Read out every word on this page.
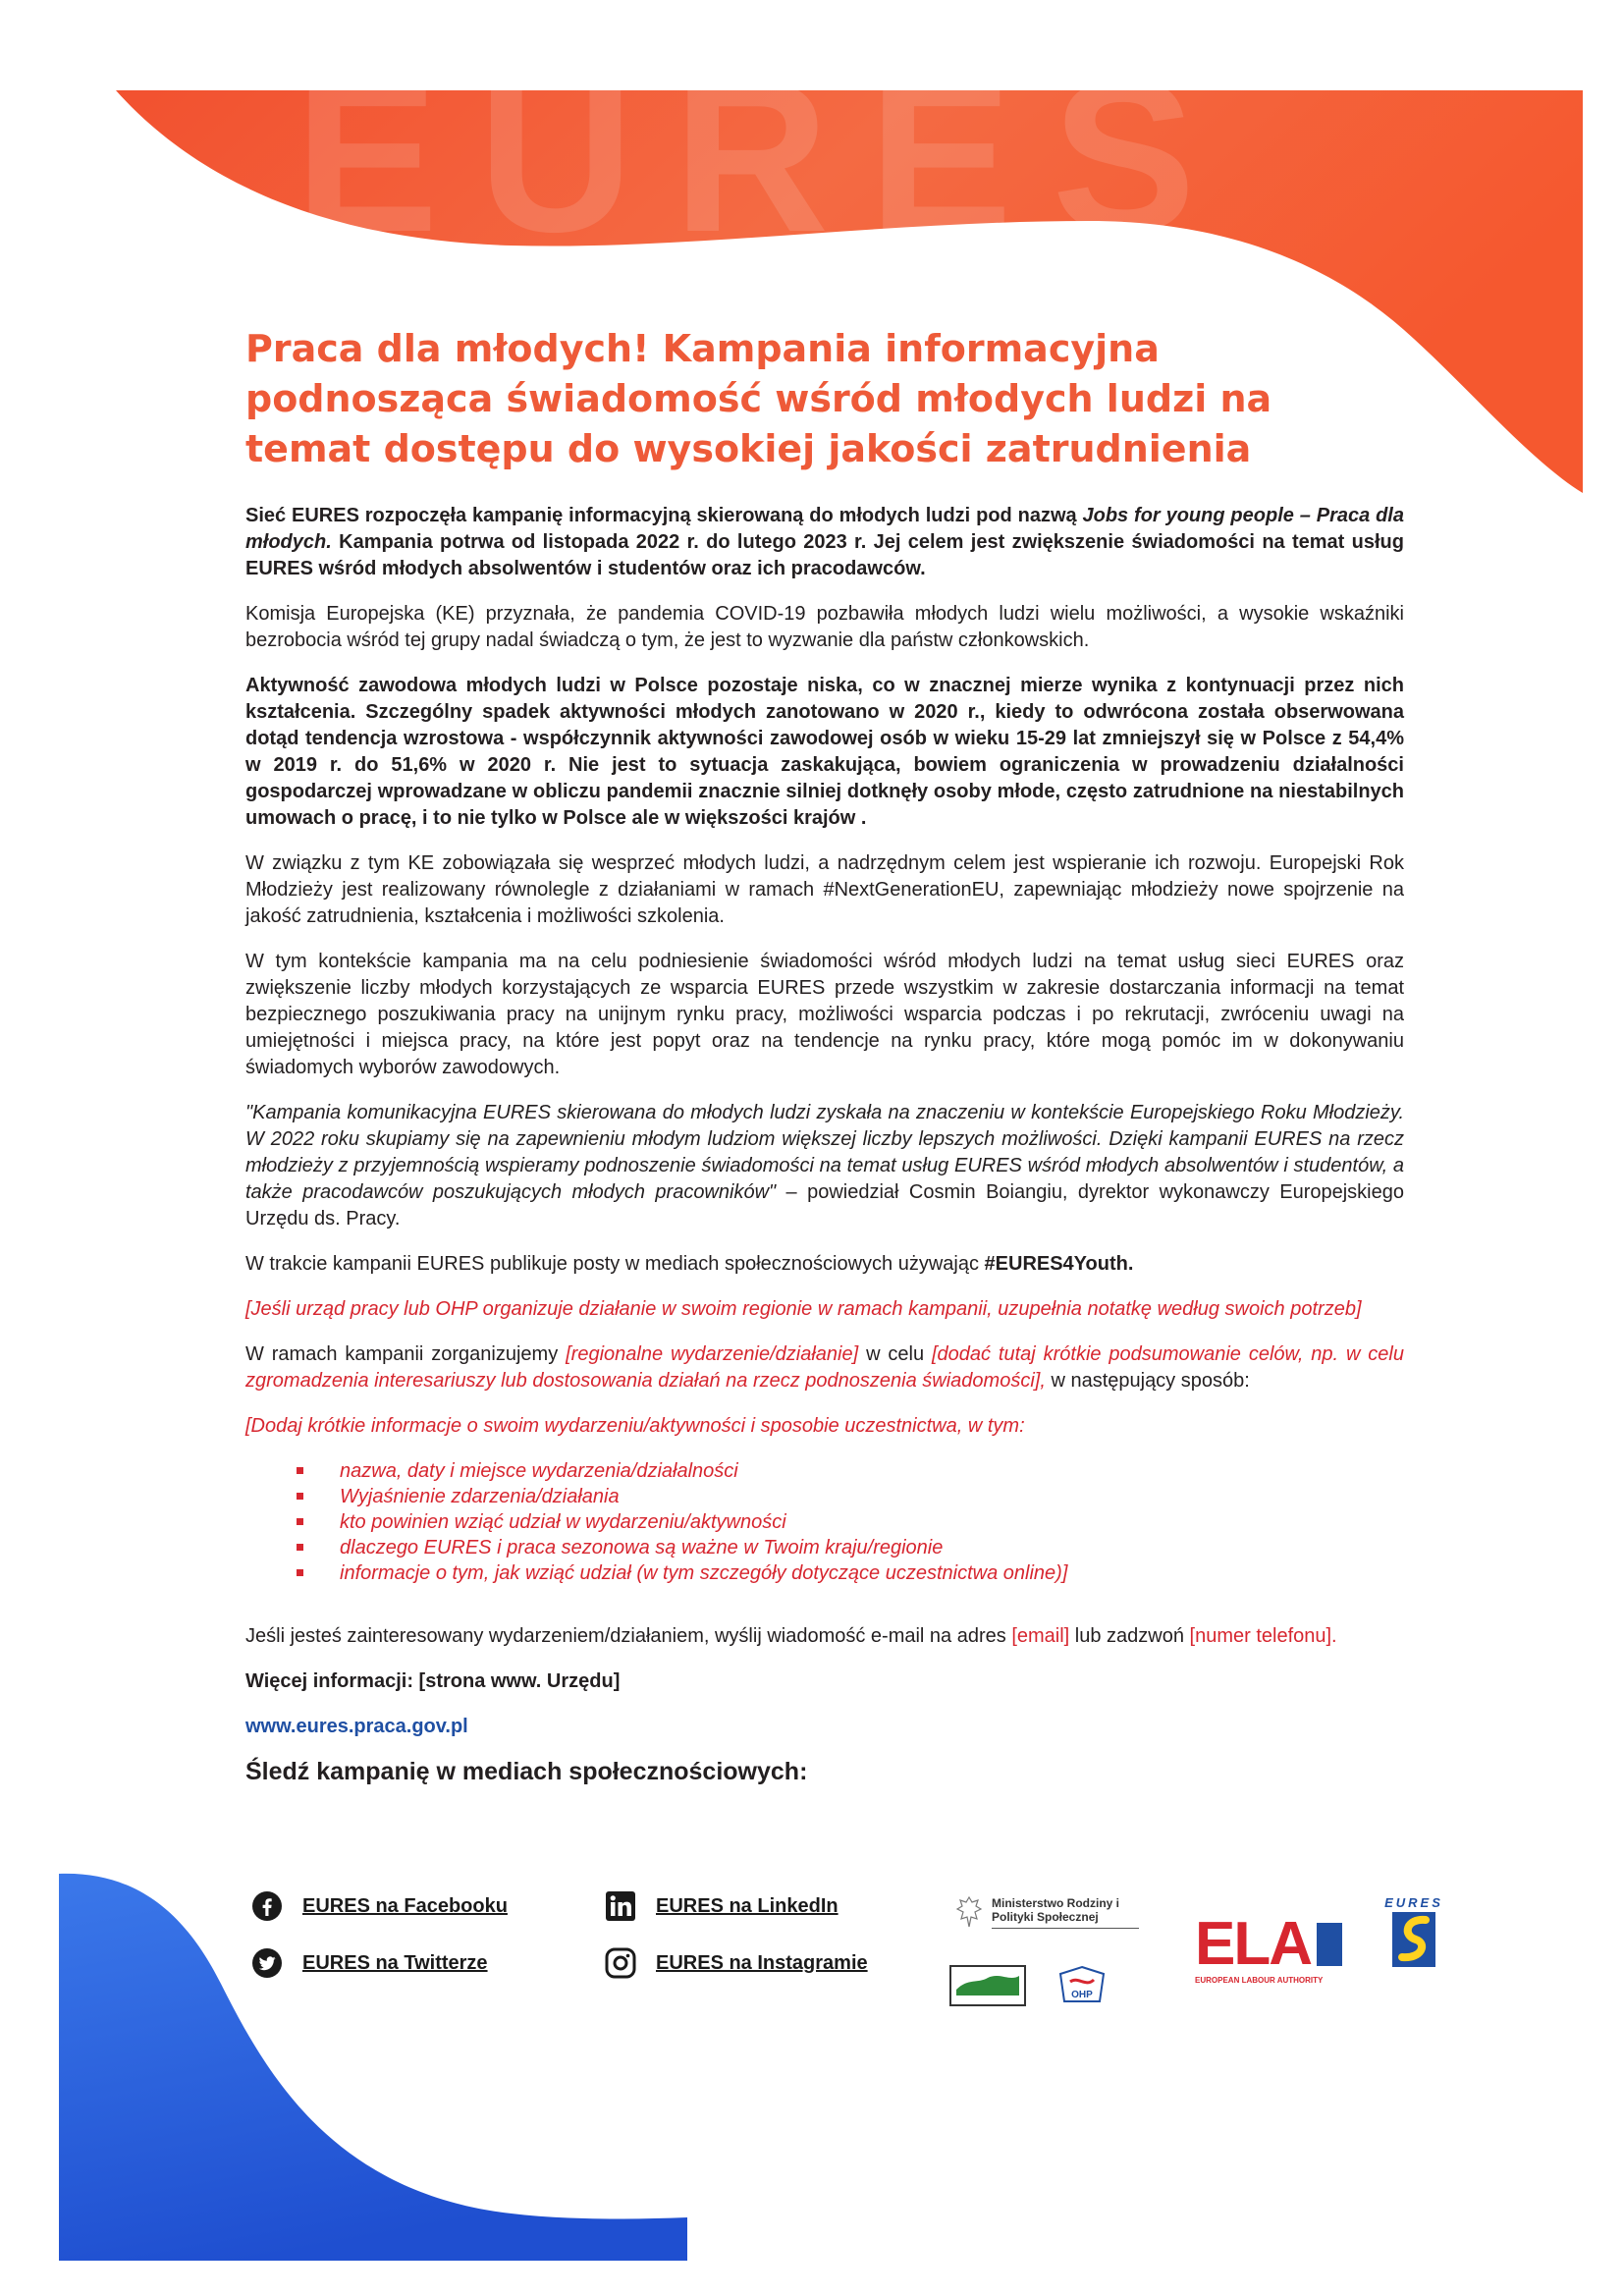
EURES
Praca dla młodych! Kampania informacyjna
podnosząca świadomość wśród młodych ludzi na
temat dostępu do wysokiej jakości zatrudnienia

Sieć EURES rozpoczęła kampanię informacyjną skierowaną do młodych ludzi pod nazwą Jobs for young people – Praca dla młodych. Kampania potrwa od listopada 2022 r. do lutego 2023 r. Jej celem jest zwiększenie świadomości na temat usług EURES wśród młodych absolwentów i studentów oraz ich pracodawców.

Komisja Europejska (KE) przyznała, że pandemia COVID-19 pozbawiła młodych ludzi wielu możliwości, a wysokie wskaźniki bezrobocia wśród tej grupy nadal świadczą o tym, że jest to wyzwanie dla państw członkowskich.

Aktywność zawodowa młodych ludzi w Polsce pozostaje niska, co w znacznej mierze wynika z kontynuacji przez nich kształcenia. Szczególny spadek aktywności młodych zanotowano w 2020 r., kiedy to odwrócona została obserwowana dotąd tendencja wzrostowa - współczynnik aktywności zawodowej osób w wieku 15-29 lat zmniejszył się w Polsce z 54,4% w 2019 r. do 51,6% w 2020 r. Nie jest to sytuacja zaskakująca, bowiem ograniczenia w prowadzeniu działalności gospodarczej wprowadzane w obliczu pandemii znacznie silniej dotknęły osoby młode, często zatrudnione na niestabilnych umowach o pracę, i to nie tylko w Polsce ale w większości krajów .

W związku z tym KE zobowiązała się wesprzeć młodych ludzi, a nadrzędnym celem jest wspieranie ich rozwoju. Europejski Rok Młodzieży jest realizowany równolegle z działaniami w ramach #NextGenerationEU, zapewniając młodzieży nowe spojrzenie na jakość zatrudnienia, kształcenia i możliwości szkolenia.

W tym kontekście kampania ma na celu podniesienie świadomości wśród młodych ludzi na temat usług sieci EURES oraz zwiększenie liczby młodych korzystających ze wsparcia EURES przede wszystkim w zakresie dostarczania informacji na temat bezpiecznego poszukiwania pracy na unijnym rynku pracy, możliwości wsparcia podczas i po rekrutacji, zwróceniu uwagi na umiejętności i miejsca pracy, na które jest popyt oraz na tendencje na rynku pracy, które mogą pomóc im w dokonywaniu świadomych wyborów zawodowych.

"Kampania komunikacyjna EURES skierowana do młodych ludzi zyskała na znaczeniu w kontekście Europejskiego Roku Młodzieży. W 2022 roku skupiamy się na zapewnieniu młodym ludziom większej liczby lepszych możliwości. Dzięki kampanii EURES na rzecz młodzieży z przyjemnością wspieramy podnoszenie świadomości na temat usług EURES wśród młodych absolwentów i studentów, a także pracodawców poszukujących młodych pracowników" – powiedział Cosmin Boiangiu, dyrektor wykonawczy Europejskiego Urzędu ds. Pracy.

W trakcie kampanii EURES publikuje posty w mediach społecznościowych używając #EURES4Youth.

[Jeśli urząd pracy lub OHP organizuje działanie w swoim regionie w ramach kampanii, uzupełnia notatkę według swoich potrzeb]

W ramach kampanii zorganizujemy [regionalne wydarzenie/działanie] w celu [dodać tutaj krótkie podsumowanie celów, np. w celu zgromadzenia interesariuszy lub dostosowania działań na rzecz podnoszenia świadomości], w następujący sposób:

[Dodaj krótkie informacje o swoim wydarzeniu/aktywności i sposobie uczestnictwa, w tym:

nazwa, daty i miejsce wydarzenia/działalności
Wyjaśnienie zdarzenia/działania
kto powinien wziąć udział w wydarzeniu/aktywności
dlaczego EURES i praca sezonowa są ważne w Twoim kraju/regionie
informacje o tym, jak wziąć udział (w tym szczegóły dotyczące uczestnictwa online)]

Jeśli jesteś zainteresowany wydarzeniem/działaniem, wyślij wiadomość e-mail na adres [email] lub zadzwoń [numer telefonu].

Więcej informacji: [strona www. Urzędu]

www.eures.praca.gov.pl

Śledź kampanię w mediach społecznościowych:

EURES na Facebooku	EURES na LinkedIn
EURES na Twitterze	EURES na Instagramie
Ministerstwo Rodziny i Polityki Społecznej
OHP
ELA
EUROPEAN LABOUR AUTHORITY
EURES
